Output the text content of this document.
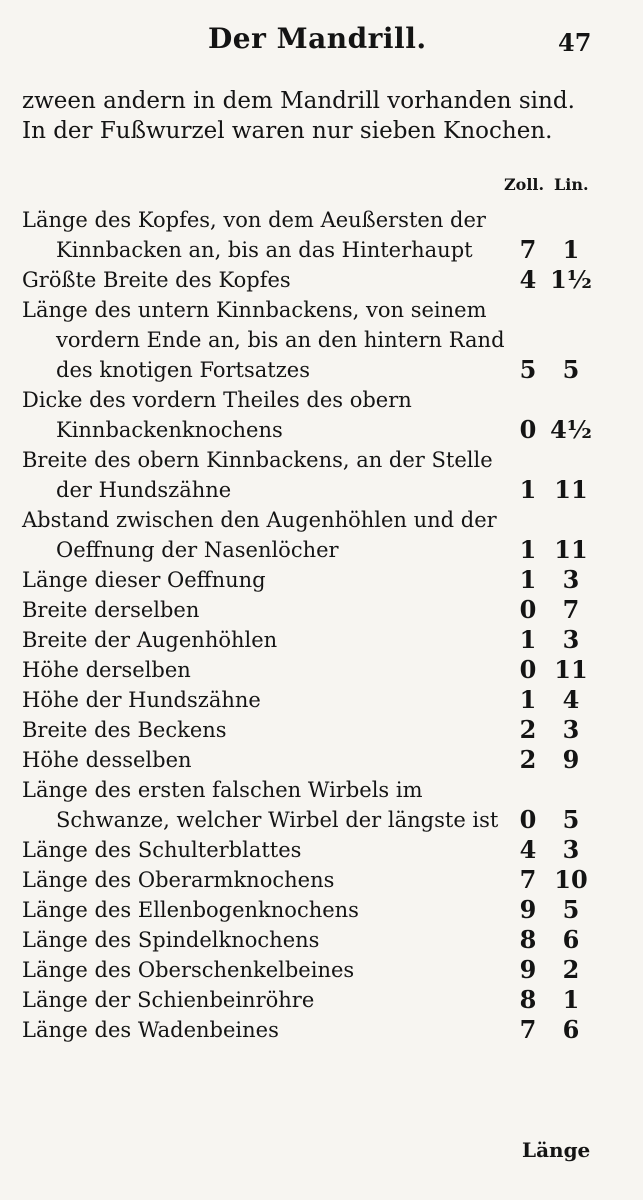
Der Mandrill.	47

zween andern in dem Mandrill vorhanden sind.

In der Fußwurzel waren nur sieben Knochen.

Zoll. Lin.
Länge des Kopfes, von dem Aeußersten der Kinnbacken an, bis an das Hinterhaupt	7	1
Größte Breite des Kopfes	4 1½
Länge des untern Kinnbackens, von seinem vordern Ende an, bis an den hintern Rand des knotigen Fortsatzes	5	5
Dicke des vordern Theiles des obern Kinnbackenknochens	0 4½
Breite des obern Kinnbackens, an der Stelle der Hundszähne	1 11
Abstand zwischen den Augenhöhlen und der Oeffnung der Nasenlöcher	1 11
Länge dieser Oeffnung	1	3
Breite derselben	0	7
Breite der Augenhöhlen	1	3
Höhe derselben	0 11
Höhe der Hundszähne	1	4
Breite des Beckens	2	3
Höhe desselben	2	9
Länge des ersten falschen Wirbels im Schwanze, welcher Wirbel der längste ist 0	5
Länge des Schulterblattes	4	3
Länge des Oberarmknochens	7 10
Länge des Ellenbogenknochens	9	5
Länge des Spindelknochens	8	6
Länge des Oberschenkelbeines	9	2
Länge der Schienbeinröhre	8	1
Länge des Wadenbeines	7	6
Länge
